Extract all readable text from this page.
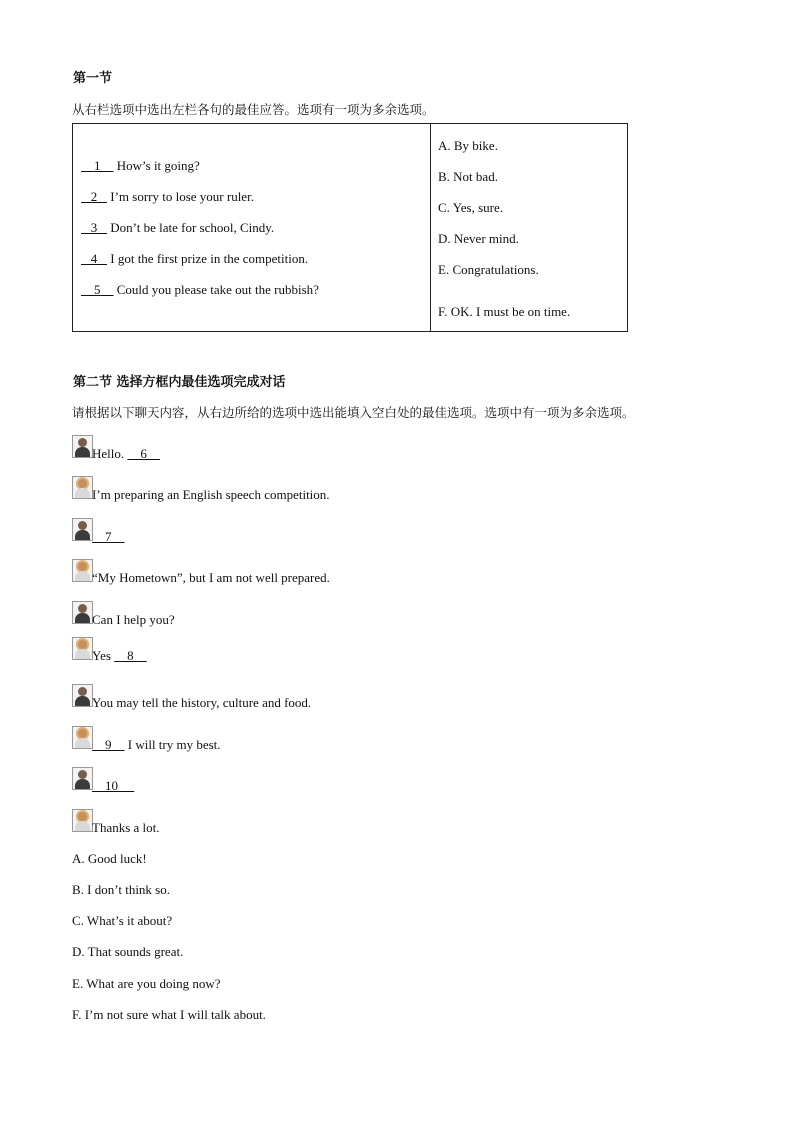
第一节
从右栏选项中选出左栏各句的最佳应答。选项有一项为多余选项。
1     How’s it going?
2    I’m sorry to lose your ruler.
3    Don’t be late for school, Cindy.
4    I got the first prize in the competition.
5     Could you please take out the rubbish?

A. By bike.
B. Not bad.
C. Yes, sure.
D. Never mind.
E. Congratulations.
F. OK. I must be on time.
第二节 选择方框内最佳选项完成对话
请根据以下聊天内容，从右边所给的选项中选出能填入空白处的最佳选项。选项中有一项为多余选项。
Hello.     6
I’m preparing an English speech competition.
7
“My Hometown”, but I am not well prepared.
Can I help you?
Yes     8
You may tell the history, culture and food.
9     I will try my best.
10
Thanks a lot.
A. Good luck!
B. I don’t think so.
C. What’s it about?
D. That sounds great.
E. What are you doing now?
F. I’m not sure what I will talk about.
